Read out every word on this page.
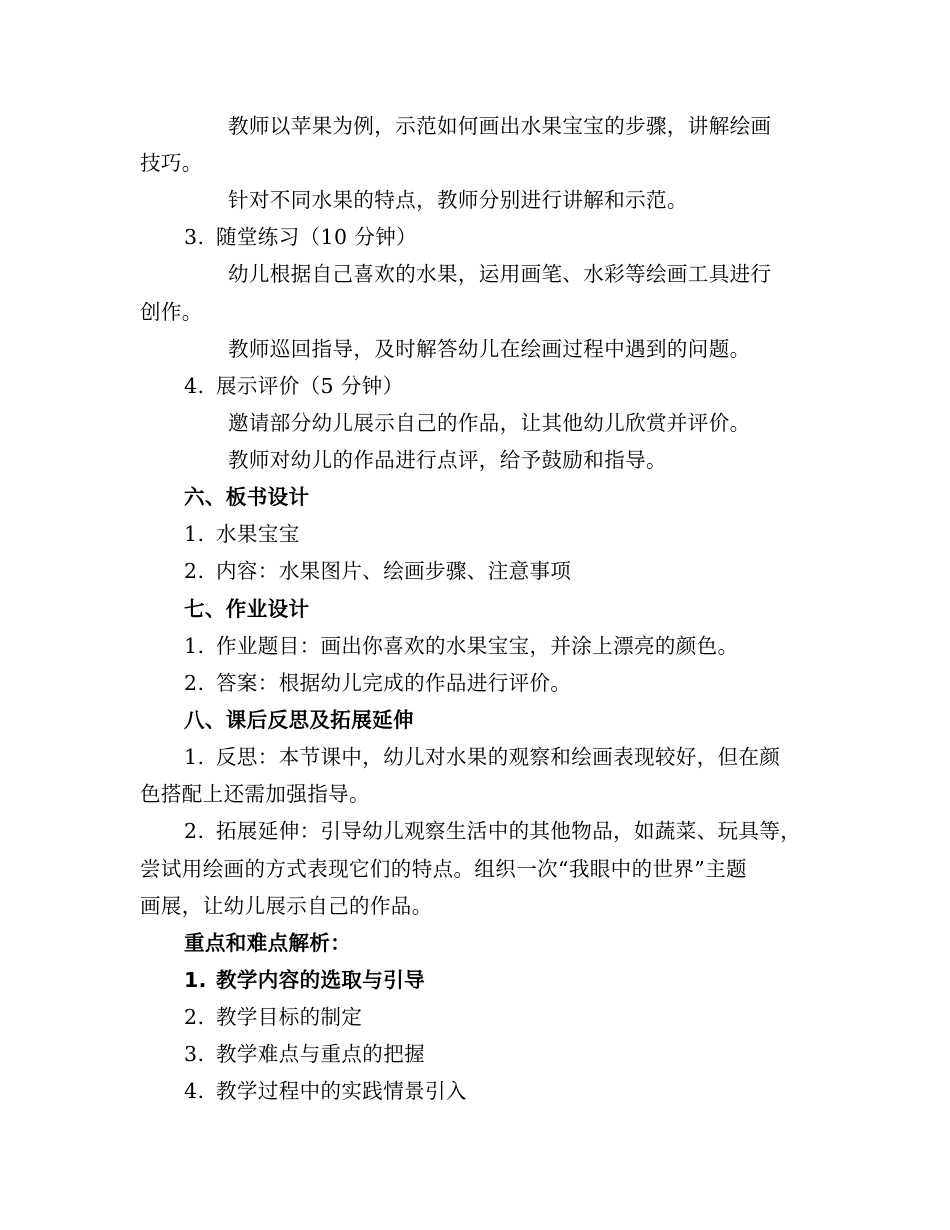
教师以苹果为例，示范如何画出水果宝宝的步骤，讲解绘画
技巧。
针对不同水果的特点，教师分别进行讲解和示范。
3. 随堂练习（10 分钟）
幼儿根据自己喜欢的水果，运用画笔、水彩等绘画工具进行
创作。
教师巡回指导，及时解答幼儿在绘画过程中遇到的问题。
4. 展示评价（5 分钟）
邀请部分幼儿展示自己的作品，让其他幼儿欣赏并评价。
教师对幼儿的作品进行点评，给予鼓励和指导。
六、板书设计
1. 水果宝宝
2. 内容：水果图片、绘画步骤、注意事项
七、作业设计
1. 作业题目：画出你喜欢的水果宝宝，并涂上漂亮的颜色。
2. 答案：根据幼儿完成的作品进行评价。
八、课后反思及拓展延伸
1. 反思：本节课中，幼儿对水果的观察和绘画表现较好，但在颜
色搭配上还需加强指导。
2. 拓展延伸：引导幼儿观察生活中的其他物品，如蔬菜、玩具等，
尝试用绘画的方式表现它们的特点。组织一次“我眼中的世界”主题
画展，让幼儿展示自己的作品。
重点和难点解析：
1. 教学内容的选取与引导
2. 教学目标的制定
3. 教学难点与重点的把握
4. 教学过程中的实践情景引入
